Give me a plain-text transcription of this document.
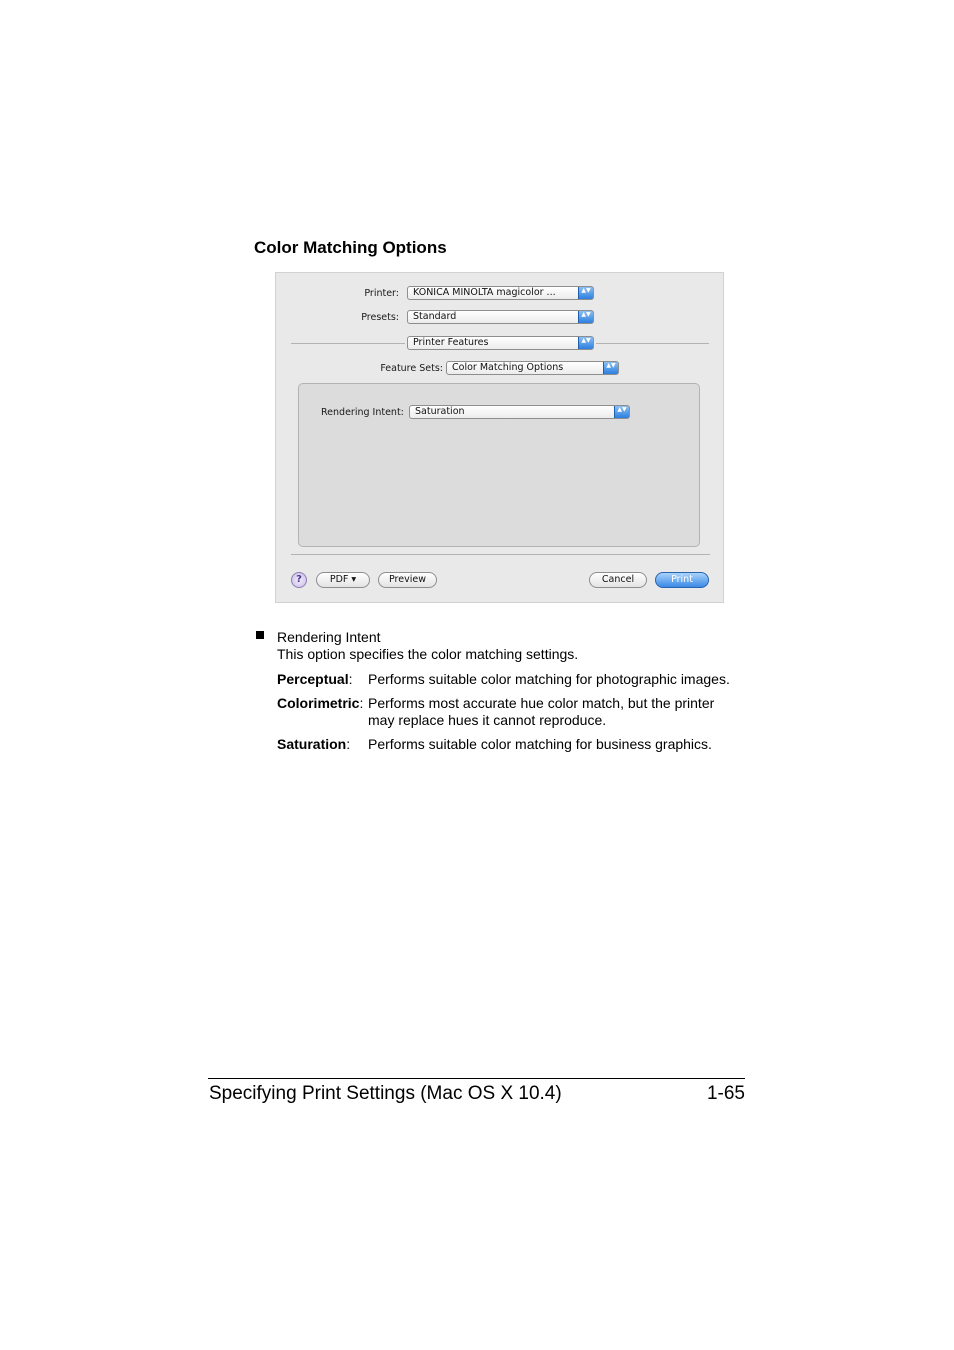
Color Matching Options
Printer: KONICA MINOLTA magicolor ...	▲▼
Presets: Standard	▲▼
Printer Features	▲▼
Feature Sets: Color Matching Options	▲▼
Rendering Intent: Saturation	▲▼
?	PDF ▾	Preview	Cancel	Print
Rendering Intent
This option specifies the color matching settings.
Perceptual: Performs suitable color matching for photographic images.
Colorimetric: Performs most accurate hue color match, but the printer
may replace hues it cannot reproduce.
Saturation: Performs suitable color matching for business graphics.
Specifying Print Settings (Mac OS X 10.4)	1-65
